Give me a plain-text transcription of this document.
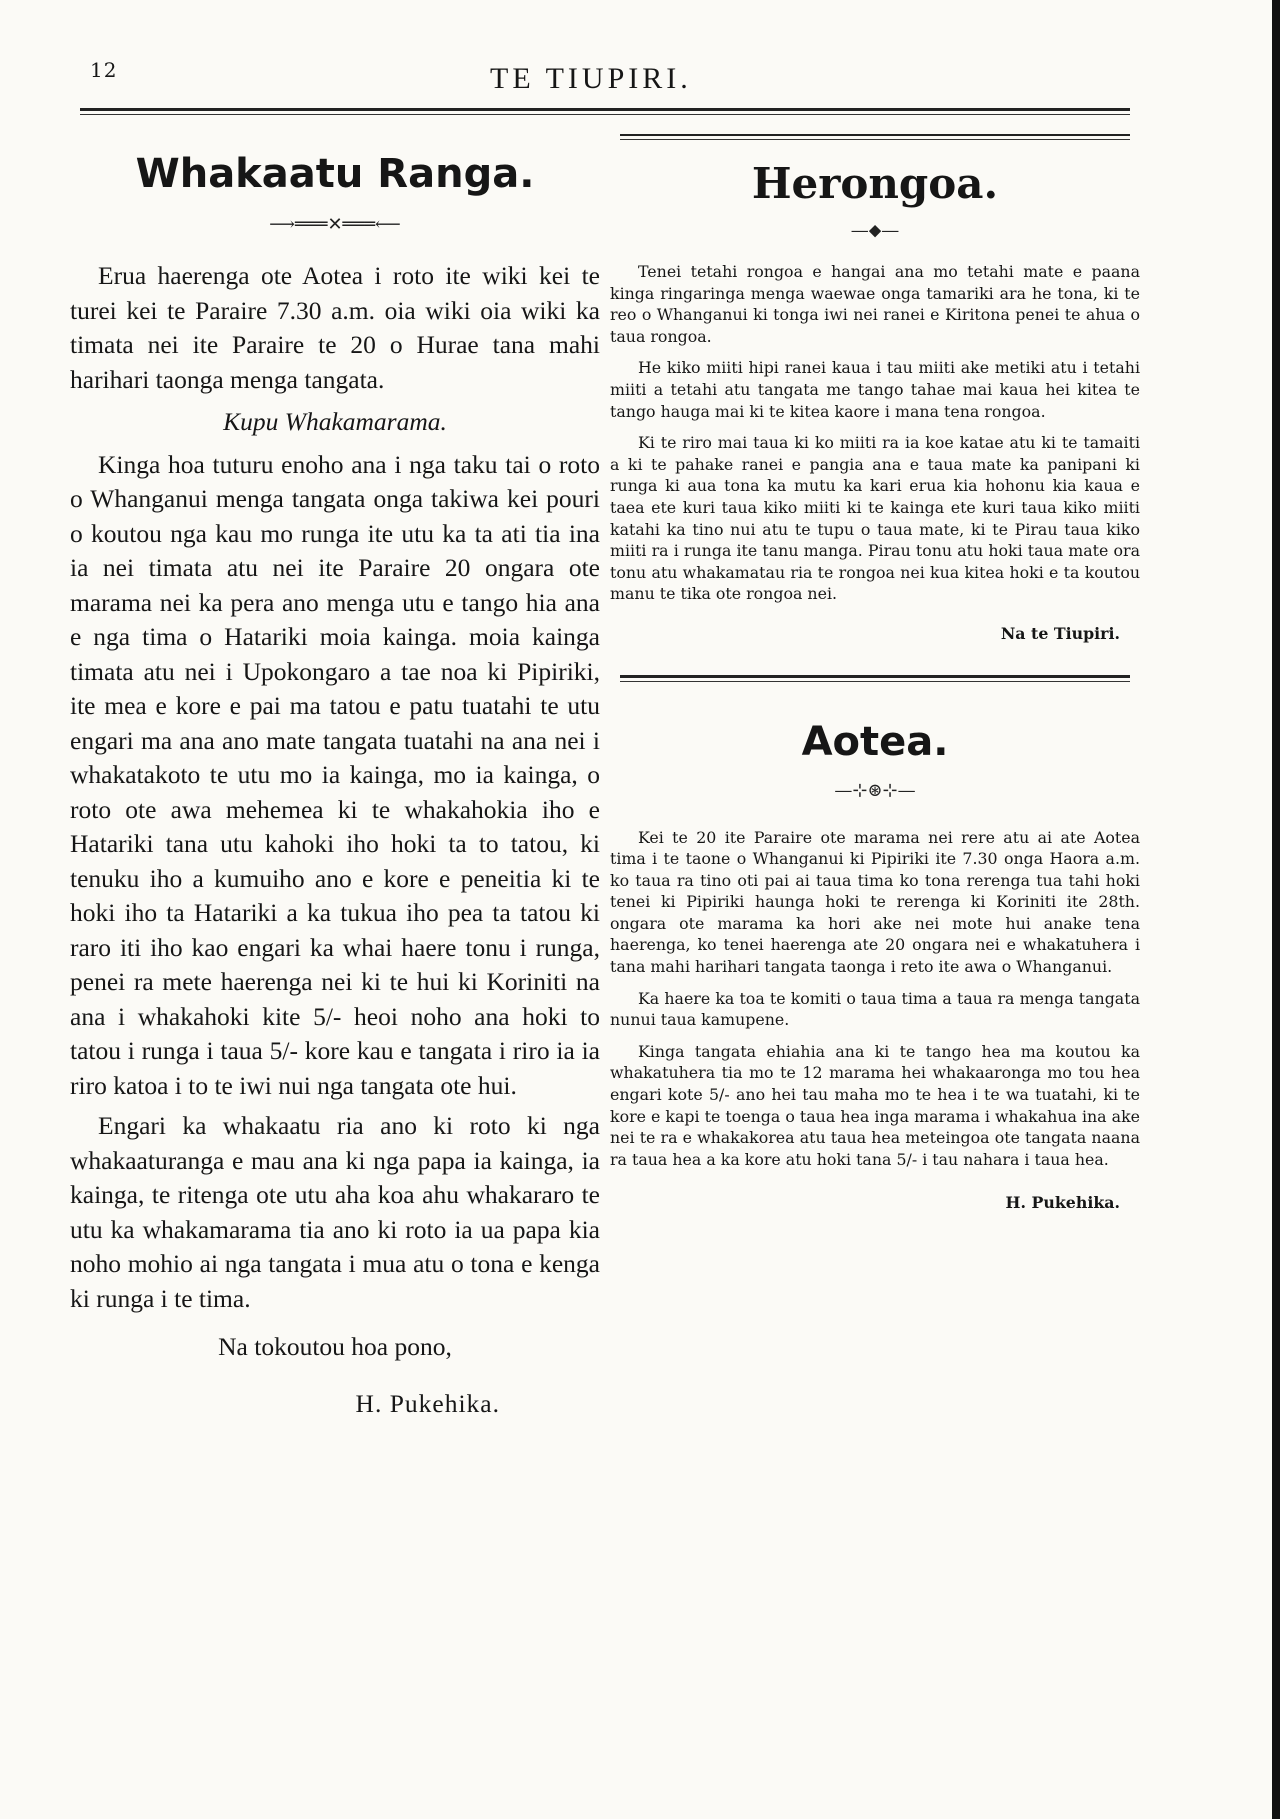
12	TE TIUPIRI.
Whakaatu Ranga.
⟶═══✕═══⟵

Erua haerenga ote Aotea i roto ite wiki kei te turei kei te Paraire 7.30 a.m. oia wiki oia wiki ka timata nei ite Paraire te 20 o Hurae tana mahi harihari taonga menga tangata.

Kupu Whakamarama.

Kinga hoa tuturu enoho ana i nga taku tai o roto o Whanganui menga tangata onga takiwa kei pouri o koutou nga kau mo runga ite utu ka ta ati tia ina ia nei timata atu nei ite Paraire 20 ongara ote marama nei ka pera ano menga utu e tango hia ana e nga tima o Hatariki moia kainga. moia kainga timata atu nei i Upokongaro a tae noa ki Pipiriki, ite mea e kore e pai ma tatou e patu tuatahi te utu engari ma ana ano mate tangata tuatahi na ana nei i whakatakoto te utu mo ia kainga, mo ia kainga, o roto ote awa mehemea ki te whakahokia iho e Hatariki tana utu kahoki iho hoki ta to tatou, ki tenuku iho a kumuiho ano e kore e peneitia ki te hoki iho ta Hatariki a ka tukua iho pea ta tatou ki raro iti iho kao engari ka whai haere tonu i runga, penei ra mete haerenga nei ki te hui ki Koriniti na ana i whakahoki kite 5/- heoi noho ana hoki to tatou i runga i taua 5/- kore kau e tangata i riro ia ia riro katoa i to te iwi nui nga tangata ote hui.

Engari ka whakaatu ria ano ki roto ki nga whakaaturanga e mau ana ki nga papa ia kainga, ia kainga, te ritenga ote utu aha koa ahu whakararo te utu ka whakamarama tia ano ki roto ia ua papa kia noho mohio ai nga tangata i mua atu o tona e kenga ki runga i te tima.

Na tokoutou hoa pono,

H. Pukehika.

Herongoa.
—⬥—

Tenei tetahi rongoa e hangai ana mo tetahi mate e paana kinga ringaringa menga waewae onga tamariki ara he tona, ki te reo o Whanganui ki tonga iwi nei ranei e Kiritona penei te ahua o taua rongoa.

He kiko miiti hipi ranei kaua i tau miiti ake metiki atu i tetahi miiti a tetahi atu tangata me tango tahae mai kaua hei kitea te tango hauga mai ki te kitea kaore i mana tena rongoa.

Ki te riro mai taua ki ko miiti ra ia koe katae atu ki te tamaiti a ki te pahake ranei e pangia ana e taua mate ka panipani ki runga ki aua tona ka mutu ka kari erua kia hohonu kia kaua e taea ete kuri taua kiko miiti ki te kainga ete kuri taua kiko miiti katahi ka tino nui atu te tupu o taua mate, ki te Pirau taua kiko miiti ra i runga ite tanu manga. Pirau tonu atu hoki taua mate ora tonu atu whakamatau ria te rongoa nei kua kitea hoki e ta koutou manu te tika ote rongoa nei.

Na te Tiupiri.

Aotea.
—⊹⊛⊹—

Kei te 20 ite Paraire ote marama nei rere atu ai ate Aotea tima i te taone o Whanganui ki Pipiriki ite 7.30 onga Haora a.m. ko taua ra tino oti pai ai taua tima ko tona rerenga tua tahi hoki tenei ki Pipiriki haunga hoki te rerenga ki Koriniti ite 28th. ongara ote marama ka hori ake nei mote hui anake tena haerenga, ko tenei haerenga ate 20 ongara nei e whakatuhera i tana mahi harihari tangata taonga i reto ite awa o Whanganui.

Ka haere ka toa te komiti o taua tima a taua ra menga tangata nunui taua kamupene.

Kinga tangata ehiahia ana ki te tango hea ma koutou ka whakatuhera tia mo te 12 marama hei whakaaronga mo tou hea engari kote 5/- ano hei tau maha mo te hea i te wa tuatahi, ki te kore e kapi te toenga o taua hea inga marama i whakahua ina ake nei te ra e whakakorea atu taua hea meteingoa ote tangata naana ra taua hea a ka kore atu hoki tana 5/- i tau nahara i taua hea.

H. Pukehika.
